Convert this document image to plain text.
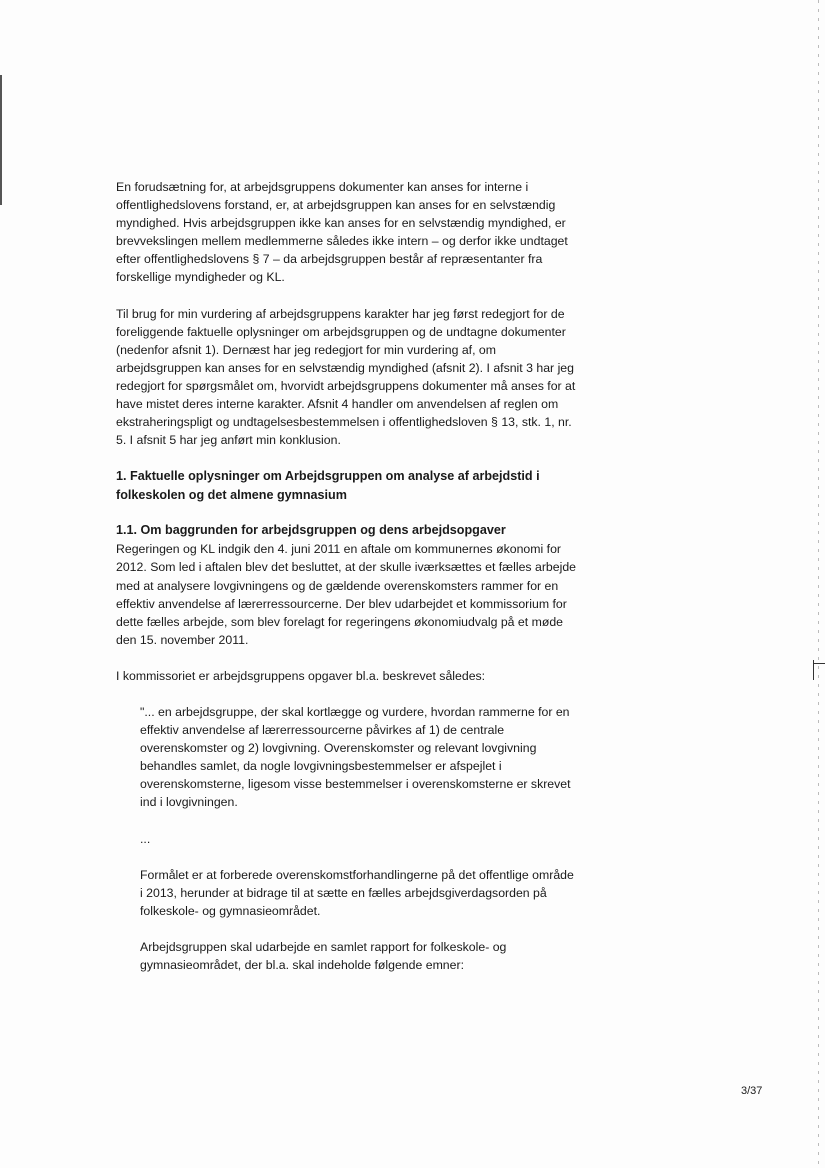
En forudsætning for, at arbejdsgruppens dokumenter kan anses for interne i offentlighedslovens forstand, er, at arbejdsgruppen kan anses for en selvstændig myndighed. Hvis arbejdsgruppen ikke kan anses for en selvstændig myndighed, er brevvekslingen mellem medlemmerne således ikke intern – og derfor ikke undtaget efter offentlighedslovens § 7 – da arbejdsgruppen består af repræsentanter fra forskellige myndigheder og KL.

Til brug for min vurdering af arbejdsgruppens karakter har jeg først redegjort for de foreliggende faktuelle oplysninger om arbejdsgruppen og de undtagne dokumenter (nedenfor afsnit 1). Dernæst har jeg redegjort for min vurdering af, om arbejdsgruppen kan anses for en selvstændig myndighed (afsnit 2). I afsnit 3 har jeg redegjort for spørgsmålet om, hvorvidt arbejdsgruppens dokumenter må anses for at have mistet deres interne karakter. Afsnit 4 handler om anvendelsen af reglen om ekstraheringspligt og undtagelsesbestemmelsen i offentlighedsloven § 13, stk. 1, nr. 5. I afsnit 5 har jeg anført min konklusion.

1. Faktuelle oplysninger om Arbejdsgruppen om analyse af arbejdstid i folkeskolen og det almene gymnasium

1.1. Om baggrunden for arbejdsgruppen og dens arbejdsopgaver

Regeringen og KL indgik den 4. juni 2011 en aftale om kommunernes økonomi for 2012. Som led i aftalen blev det besluttet, at der skulle iværksættes et fælles arbejde med at analysere lovgivningens og de gældende overenskomsters rammer for en effektiv anvendelse af lærerressourcerne. Der blev udarbejdet et kommissorium for dette fælles arbejde, som blev forelagt for regeringens økonomiudvalg på et møde den 15. november 2011.

I kommissoriet er arbejdsgruppens opgaver bl.a. beskrevet således:

"... en arbejdsgruppe, der skal kortlægge og vurdere, hvordan rammerne for en effektiv anvendelse af lærerressourcerne påvirkes af 1) de centrale overenskomster og 2) lovgivning. Overenskomster og relevant lovgivning behandles samlet, da nogle lovgivningsbestemmelser er afspejlet i overenskomsterne, ligesom visse bestemmelser i overenskomsterne er skrevet ind i lovgivningen.

...

Formålet er at forberede overenskomstforhandlingerne på det offentlige område i 2013, herunder at bidrage til at sætte en fælles arbejdsgiverdagsorden på folkeskole- og gymnasieområdet.

Arbejdsgruppen skal udarbejde en samlet rapport for folkeskole- og gymnasieområdet, der bl.a. skal indeholde følgende emner:

3/37
